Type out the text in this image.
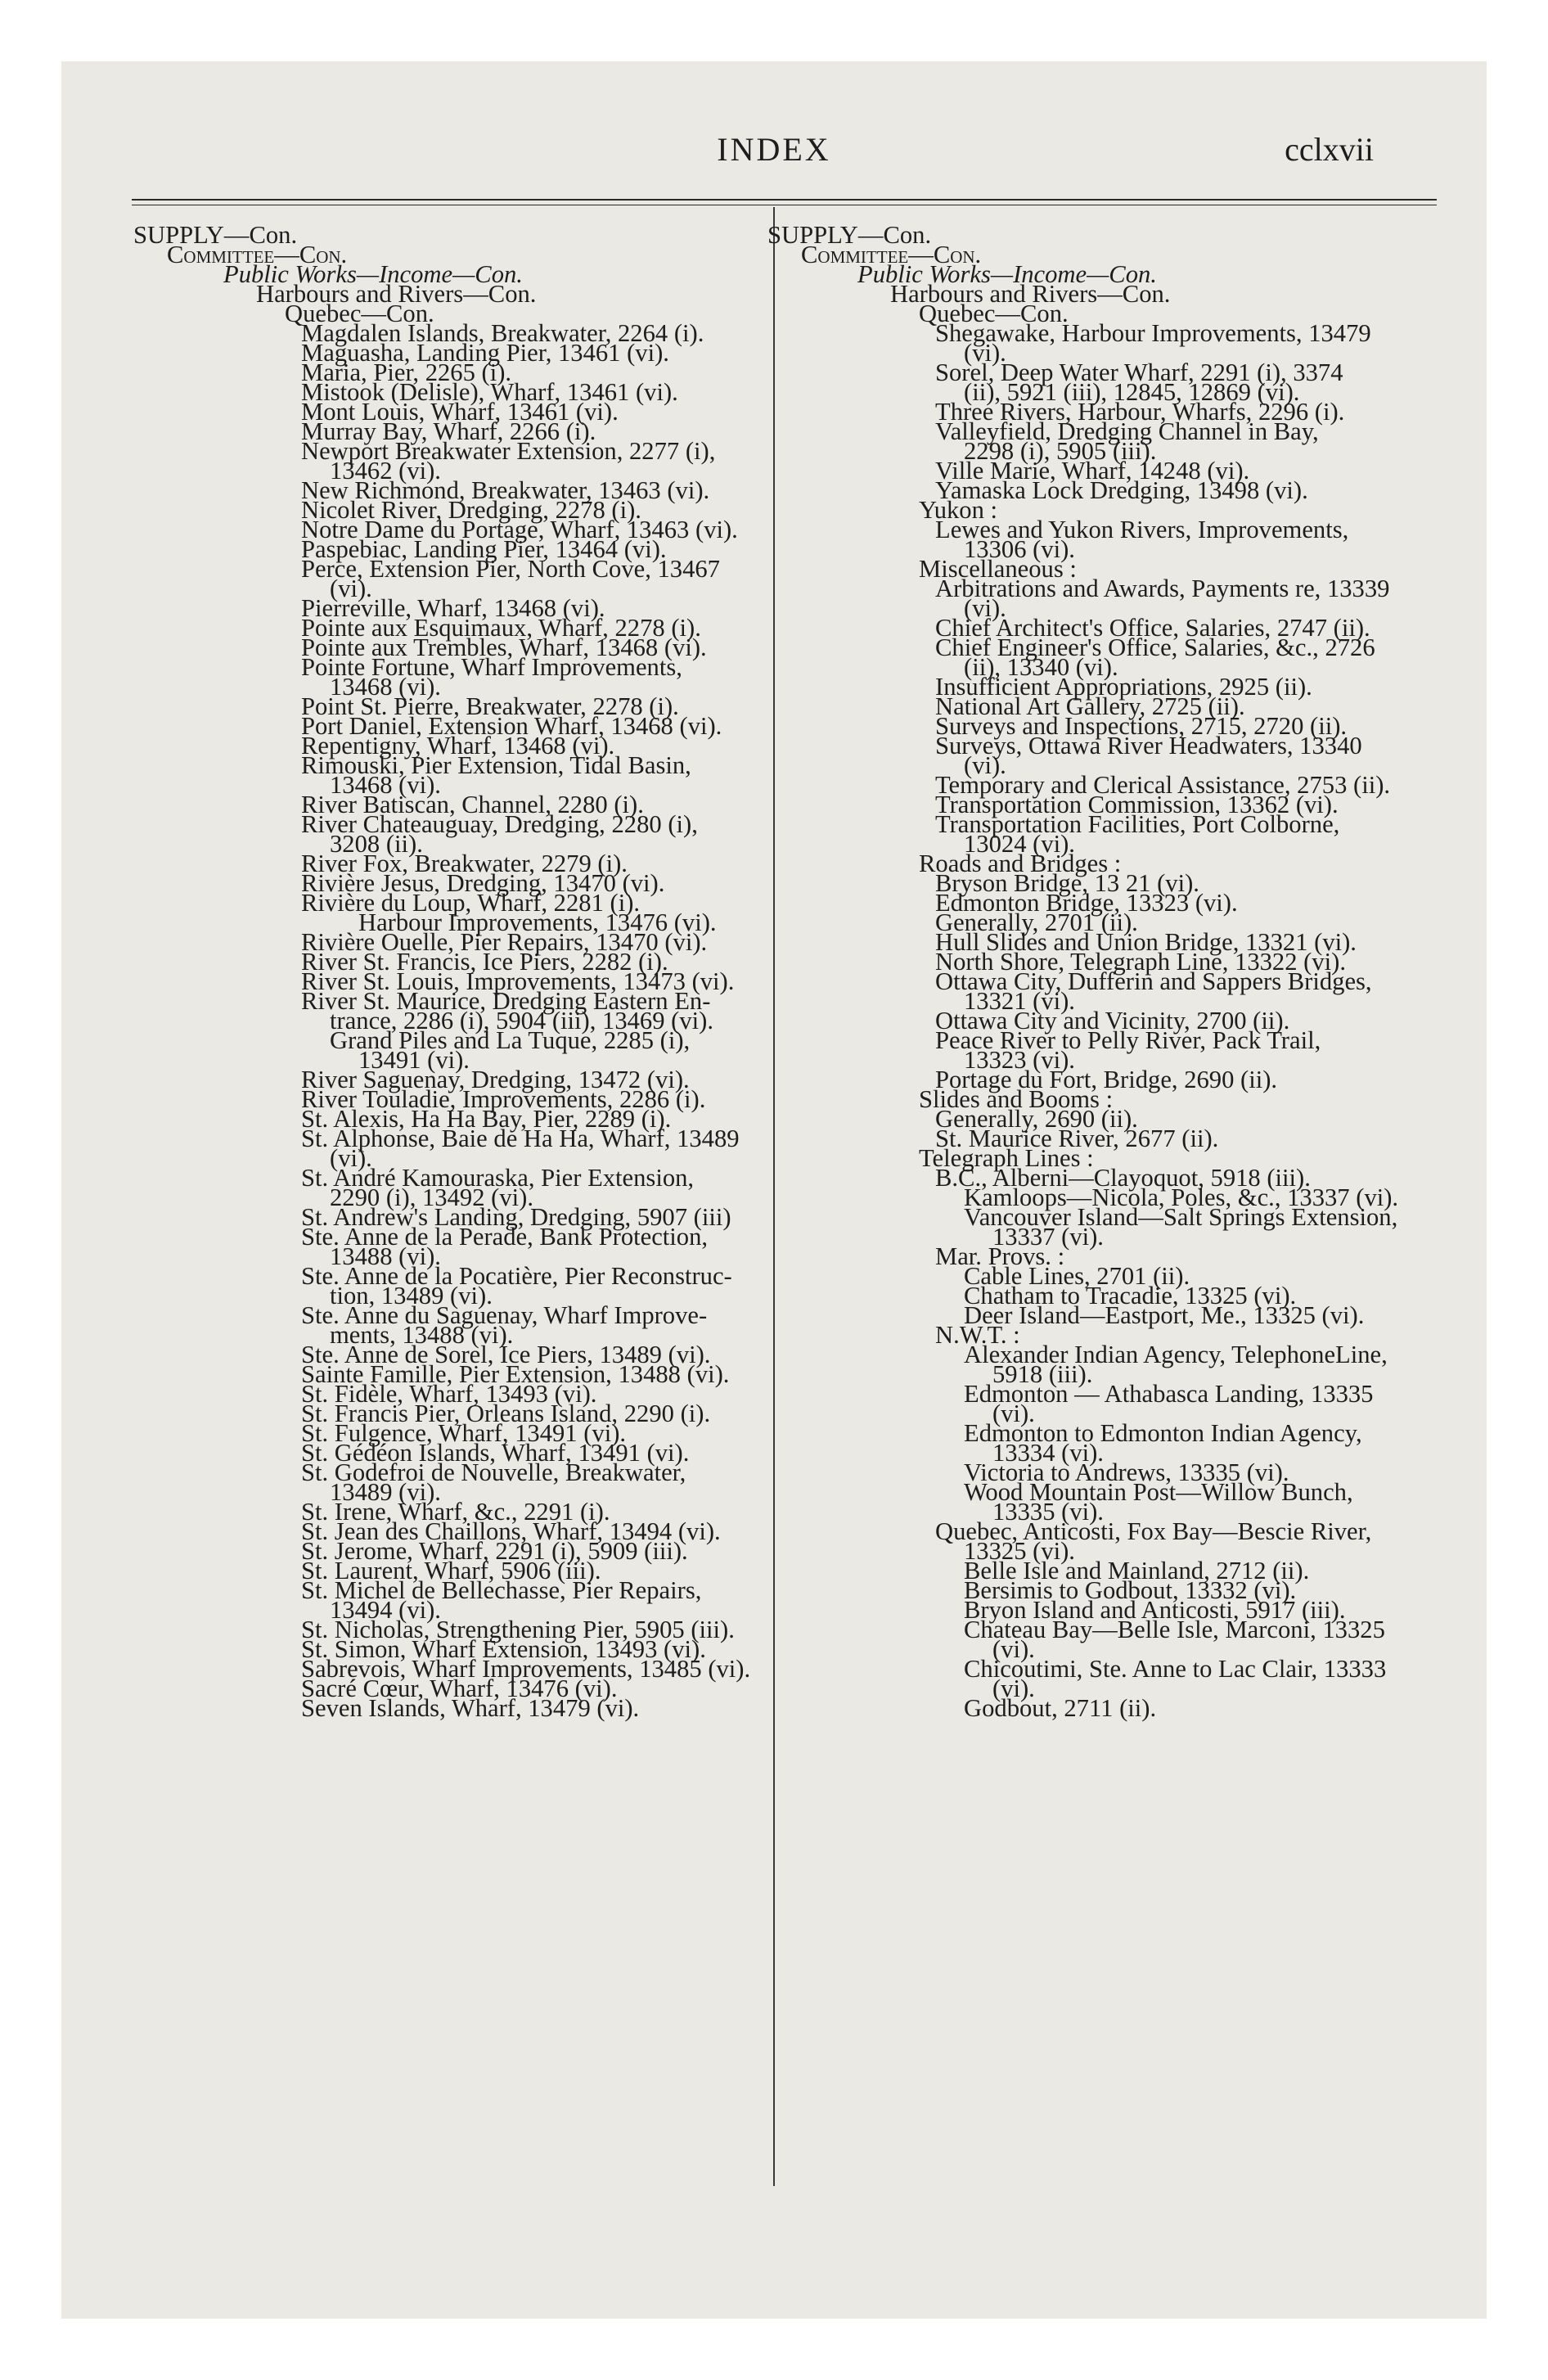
INDEX	cclxvii
SUPPLY—Con.
Committee—Con.
Public Works—Income—Con.
Harbours and Rivers—Con.
Quebec—Con.
Magdalen Islands, Breakwater, 2264 (i).
Maguasha, Landing Pier, 13461 (vi).
Maria, Pier, 2265 (i).
Mistook (Delisle), Wharf, 13461 (vi).
Mont Louis, Wharf, 13461 (vi).
Murray Bay, Wharf, 2266 (i).
Newport Breakwater Extension, 2277 (i),
13462 (vi).
New Richmond, Breakwater, 13463 (vi).
Nicolet River, Dredging, 2278 (i).
Notre Dame du Portage, Wharf, 13463 (vi).
Paspebiac, Landing Pier, 13464 (vi).
Perce, Extension Pier, North Cove, 13467
(vi).
Pierreville, Wharf, 13468 (vi).
Pointe aux Esquimaux, Wharf, 2278 (i).
Pointe aux Trembles, Wharf, 13468 (vi).
Pointe Fortune, Wharf Improvements,
13468 (vi).
Point St. Pierre, Breakwater, 2278 (i).
Port Daniel, Extension Wharf, 13468 (vi).
Repentigny, Wharf, 13468 (vi).
Rimouski, Pier Extension, Tidal Basin,
13468 (vi).
River Batiscan, Channel, 2280 (i).
River Chateauguay, Dredging, 2280 (i),
3208 (ii).
River Fox, Breakwater, 2279 (i).
Rivière Jesus, Dredging, 13470 (vi).
Rivière du Loup, Wharf, 2281 (i).
Harbour Improvements, 13476 (vi).
Rivière Ouelle, Pier Repairs, 13470 (vi).
River St. Francis, Ice Piers, 2282 (i).
River St. Louis, Improvements, 13473 (vi).
River St. Maurice, Dredging Eastern En-
trance, 2286 (i), 5904 (iii), 13469 (vi).
Grand Piles and La Tuque, 2285 (i),
13491 (vi).
River Saguenay, Dredging, 13472 (vi).
River Touladie, Improvements, 2286 (i).
St. Alexis, Ha Ha Bay, Pier, 2289 (i).
St. Alphonse, Baie de Ha Ha, Wharf, 13489
(vi).
St. André Kamouraska, Pier Extension,
2290 (i), 13492 (vi).
St. Andrew's Landing, Dredging, 5907 (iii)
Ste. Anne de la Perade, Bank Protection,
13488 (vi).
Ste. Anne de la Pocatière, Pier Reconstruc-
tion, 13489 (vi).
Ste. Anne du Saguenay, Wharf Improve-
ments, 13488 (vi).
Ste. Anne de Sorel, Ice Piers, 13489 (vi).
Sainte Famille, Pier Extension, 13488 (vi).
St. Fidèle, Wharf, 13493 (vi).
St. Francis Pier, Orleans Island, 2290 (i).
St. Fulgence, Wharf, 13491 (vi).
St. Gédéon Islands, Wharf, 13491 (vi).
St. Godefroi de Nouvelle, Breakwater,
13489 (vi).
St. Irene, Wharf, &c., 2291 (i).
St. Jean des Chaillons, Wharf, 13494 (vi).
St. Jerome, Wharf, 2291 (i), 5909 (iii).
St. Laurent, Wharf, 5906 (iii).
St. Michel de Bellechasse, Pier Repairs,
13494 (vi).
St. Nicholas, Strengthening Pier, 5905 (iii).
St. Simon, Wharf Extension, 13493 (vi).
Sabrevois, Wharf Improvements, 13485 (vi).
Sacré Cœur, Wharf, 13476 (vi).
Seven Islands, Wharf, 13479 (vi).
SUPPLY—Con.
Committee—Con.
Public Works—Income—Con.
Harbours and Rivers—Con.
Quebec—Con.
Shegawake, Harbour Improvements, 13479
(vi).
Sorel, Deep Water Wharf, 2291 (i), 3374
(ii), 5921 (iii), 12845, 12869 (vi).
Three Rivers, Harbour, Wharfs, 2296 (i).
Valleyfield, Dredging Channel in Bay,
2298 (i), 5905 (iii).
Ville Marie, Wharf, 14248 (vi).
Yamaska Lock Dredging, 13498 (vi).
Yukon :
Lewes and Yukon Rivers, Improvements,
13306 (vi).
Miscellaneous :
Arbitrations and Awards, Payments re, 13339
(vi).
Chief Architect's Office, Salaries, 2747 (ii).
Chief Engineer's Office, Salaries, &c., 2726
(ii), 13340 (vi).
Insufficient Appropriations, 2925 (ii).
National Art Gallery, 2725 (ii).
Surveys and Inspections, 2715, 2720 (ii).
Surveys, Ottawa River Headwaters, 13340
(vi).
Temporary and Clerical Assistance, 2753 (ii).
Transportation Commission, 13362 (vi).
Transportation Facilities, Port Colborne,
13024 (vi).
Roads and Bridges :
Bryson Bridge, 13 21 (vi).
Edmonton Bridge, 13323 (vi).
Generally, 2701 (ii).
Hull Slides and Union Bridge, 13321 (vi).
North Shore, Telegraph Line, 13322 (vi).
Ottawa City, Dufferin and Sappers Bridges,
13321 (vi).
Ottawa City and Vicinity, 2700 (ii).
Peace River to Pelly River, Pack Trail,
13323 (vi).
Portage du Fort, Bridge, 2690 (ii).
Slides and Booms :
Generally, 2690 (ii).
St. Maurice River, 2677 (ii).
Telegraph Lines :
B.C., Alberni—Clayoquot, 5918 (iii).
Kamloops—Nicola, Poles, &c., 13337 (vi).
Vancouver Island—Salt Springs Extension,
13337 (vi).
Mar. Provs. :
Cable Lines, 2701 (ii).
Chatham to Tracadie, 13325 (vi).
Deer Island—Eastport, Me., 13325 (vi).
N.W.T. :
Alexander Indian Agency, TelephoneLine,
5918 (iii).
Edmonton — Athabasca Landing, 13335
(vi).
Edmonton to Edmonton Indian Agency,
13334 (vi).
Victoria to Andrews, 13335 (vi).
Wood Mountain Post—Willow Bunch,
13335 (vi).
Quebec, Anticosti, Fox Bay—Bescie River,
13325 (vi).
Belle Isle and Mainland, 2712 (ii).
Bersimis to Godbout, 13332 (vi).
Bryon Island and Anticosti, 5917 (iii).
Chateau Bay—Belle Isle, Marconi, 13325
(vi).
Chicoutimi, Ste. Anne to Lac Clair, 13333
(vi).
Godbout, 2711 (ii).
